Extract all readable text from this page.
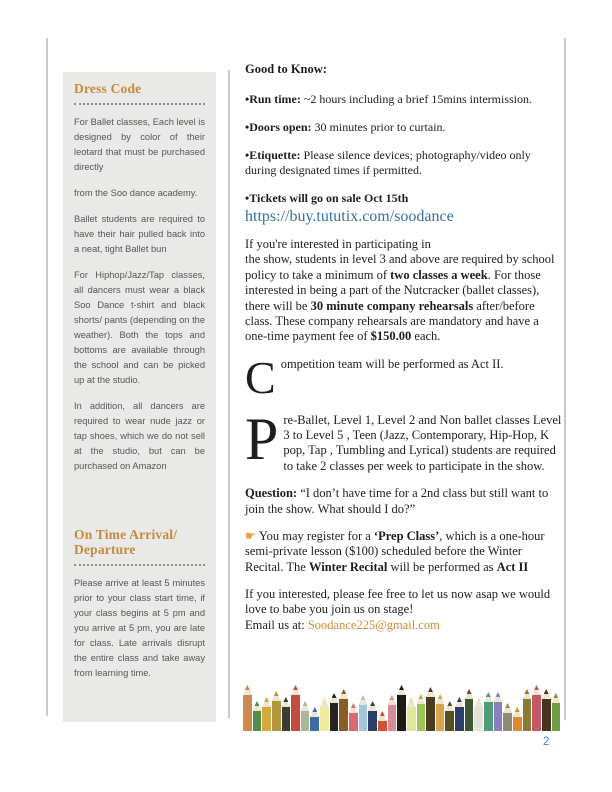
Dress Code

For Ballet classes, Each level is designed by color of their leotard that must be purchased directly

from the Soo dance academy.

Ballet students are required to have their hair pulled back into a neat, tight Ballet bun

For Hiphop/Jazz/Tap classes, all dancers must wear a black Soo Dance t-shirt and black shorts/ pants (depending on the weather). Both the tops and bottoms are available through the school and can be picked up at the studio.

In addition, all dancers are required to wear nude jazz or tap shoes, which we do not sell at the studio, but can be purchased on Amazon

On Time Arrival/ Departure

Please arrive at least 5 minutes prior to your class start time, if your class begins at 5 pm and you arrive at 5 pm, you are late for class. Late arrivals disrupt the entire class and take away from learning time.

Good to Know:

•Run time: ~2 hours including a brief 15mins intermission.

•Doors open: 30 minutes prior to curtain.

•Etiquette: Please silence devices; photography/video only during designated times if permitted.

•Tickets will go on sale Oct 15th

https://buy.tututix.com/soodance

If you're interested in participating in
the show, students in level 3 and above are required by school policy to take a minimum of two classes a week. For those interested in being a part of the Nutcracker (ballet classes), there will be 30 minute company rehearsals after/before class. These company rehearsals are mandatory and have a one-time payment fee of $150.00 each.

Competition team will be performed as Act II.

Pre-Ballet, Level 1, Level 2 and Non ballet classes Level 3 to Level 5 , Teen (Jazz, Contemporary, Hip-Hop, K pop, Tap , Tumbling and Lyrical) students are required to take 2 classes per week to participate in the show.

Question: “I don’t have time for a 2nd class but still want to join the show. What should I do?”

☛ You may register for a ‘Prep Class’, which is a one-hour semi-private lesson ($100) scheduled before the Winter Recital. The Winter Recital will be performed as Act II

If you interested, please fee free to let us now asap we would love to babe you join us on stage!
Email us at: Soodance225@gmail.com

2
